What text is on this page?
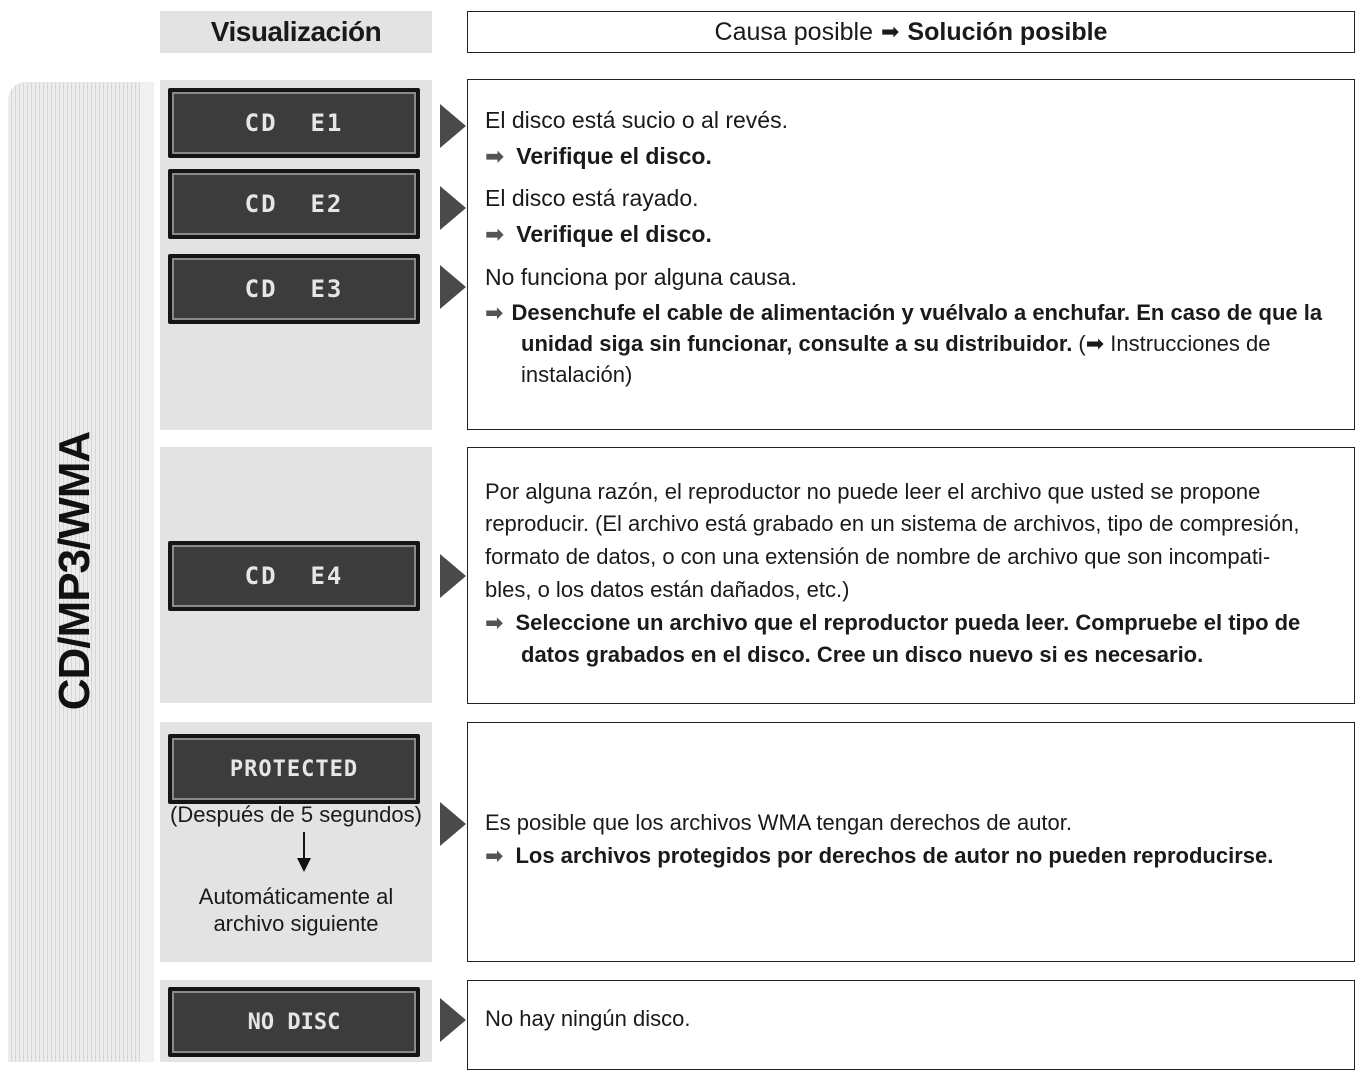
Visualización	Causa posible ➡ Solución posible
CD/MP3/WMA
CD  E1
CD  E2
CD  E3
CD  E4
PROTECTED
NO DISC
(Después de 5 segundos)
Automáticamente al
archivo siguiente
El disco está sucio o al revés.
➡ Verifique el disco.
El disco está rayado.
➡ Verifique el disco.
No funciona por alguna causa.
➡ Desenchufe el cable de alimentación y vuélvalo a enchufar. En caso de que la
unidad siga sin funcionar, consulte a su distribuidor. (➡ Instrucciones de
instalación)
Por alguna razón, el reproductor no puede leer el archivo que usted se propone
reproducir. (El archivo está grabado en un sistema de archivos, tipo de compresión,
formato de datos, o con una extensión de nombre de archivo que son incompati-
bles, o los datos están dañados, etc.)
➡ Seleccione un archivo que el reproductor pueda leer. Compruebe el tipo de
datos grabados en el disco. Cree un disco nuevo si es necesario.
Es posible que los archivos WMA tengan derechos de autor.
➡ Los archivos protegidos por derechos de autor no pueden reproducirse.
No hay ningún disco.
